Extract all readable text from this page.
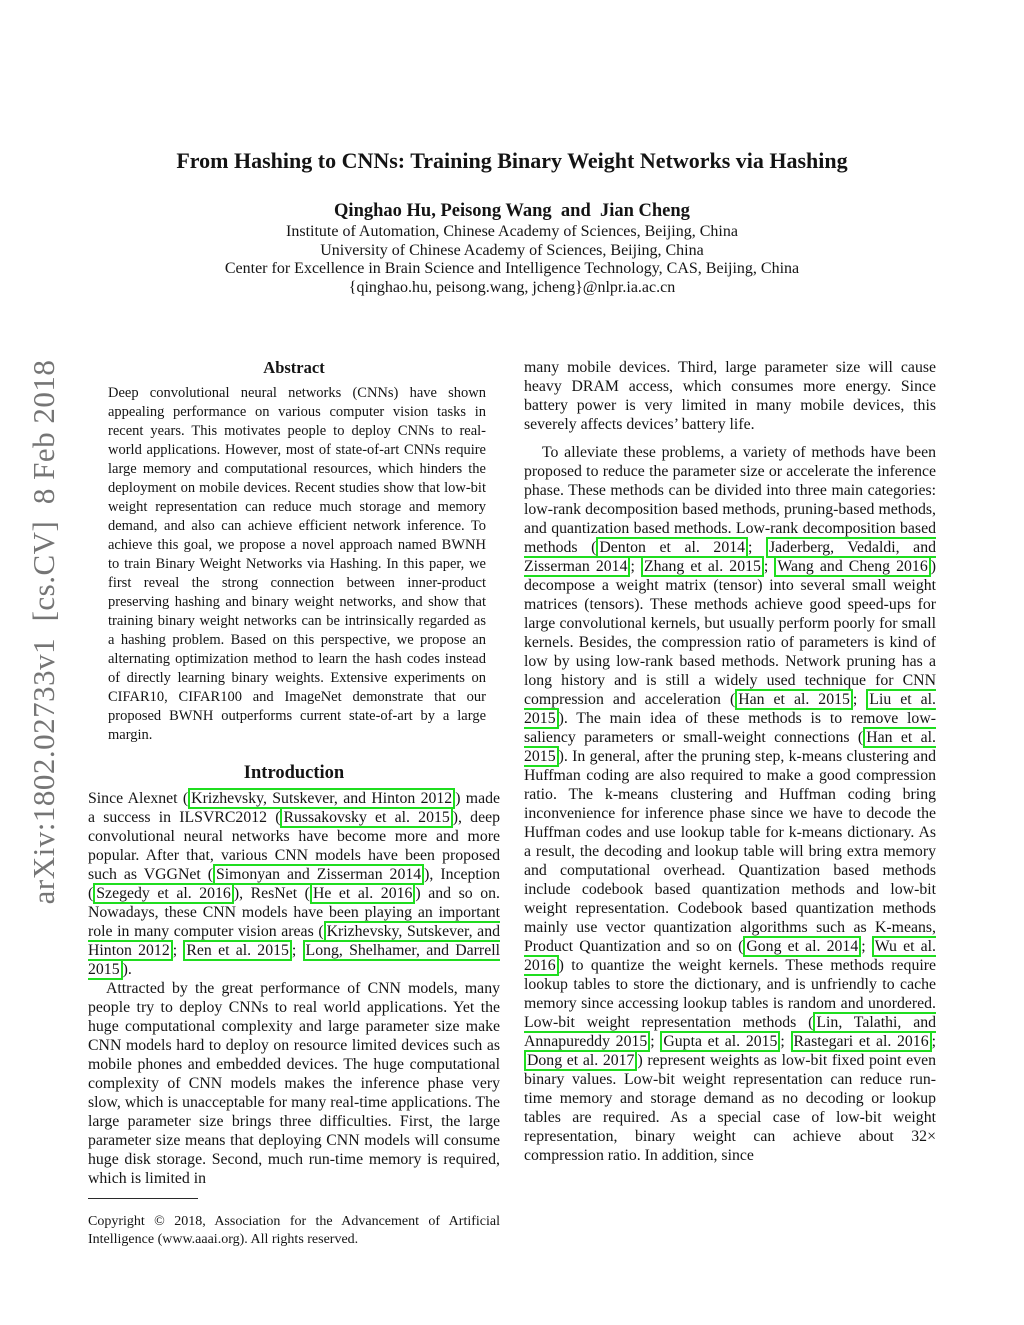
arXiv:1802.02733v1  [cs.CV]  8 Feb 2018
From Hashing to CNNs: Training Binary Weight Networks via Hashing
Qinghao Hu, Peisong Wang  and  Jian Cheng
Institute of Automation, Chinese Academy of Sciences, Beijing, China
University of Chinese Academy of Sciences, Beijing, China
Center for Excellence in Brain Science and Intelligence Technology, CAS, Beijing, China
{qinghao.hu, peisong.wang, jcheng}@nlpr.ia.ac.cn
Abstract

Deep convolutional neural networks (CNNs) have shown appealing performance on various computer vision tasks in recent years. This motivates people to deploy CNNs to real-world applications. However, most of state-of-art CNNs require large memory and computational resources, which hinders the deployment on mobile devices. Recent studies show that low-bit weight representation can reduce much storage and memory demand, and also can achieve efficient network inference. To achieve this goal, we propose a novel approach named BWNH to train Binary Weight Networks via Hashing. In this paper, we first reveal the strong connection between inner-product preserving hashing and binary weight networks, and show that training binary weight networks can be intrinsically regarded as a hashing problem. Based on this perspective, we propose an alternating optimization method to learn the hash codes instead of directly learning binary weights. Extensive experiments on CIFAR10, CIFAR100 and ImageNet demonstrate that our proposed BWNH outperforms current state-of-art by a large margin.

Introduction

Since Alexnet ( Krizhevsky, Sutskever, and Hinton 2012 ) made a success in ILSVRC2012 ( Russakovsky et al. 2015 ), deep convolutional neural networks have become more and more popular. After that, various CNN models have been proposed such as VGGNet ( Simonyan and Zisserman 2014 ), Inception ( Szegedy et al. 2016 ), ResNet ( He et al. 2016 ) and so on. Nowadays, these CNN models have been playing an important role in many computer vision areas ( Krizhevsky, Sutskever, and Hinton 2012 ; Ren et al. 2015 ; Long, Shelhamer, and Darrell 2015 ).

Attracted by the great performance of CNN models, many people try to deploy CNNs to real world applications. Yet the huge computational complexity and large parameter size make CNN models hard to deploy on resource limited devices such as mobile phones and embedded devices. The huge computational complexity of CNN models makes the inference phase very slow, which is unacceptable for many real-time applications. The large parameter size brings three difficulties. First, the large parameter size means that deploying CNN models will consume huge disk storage. Second, much run-time memory is required, which is limited in

Copyright © 2018, Association for the Advancement of Artificial Intelligence (www.aaai.org). All rights reserved.

many mobile devices. Third, large parameter size will cause heavy DRAM access, which consumes more energy. Since battery power is very limited in many mobile devices, this severely affects devices’ battery life.

To alleviate these problems, a variety of methods have been proposed to reduce the parameter size or accelerate the inference phase. These methods can be divided into three main categories: low-rank decomposition based methods, pruning-based methods, and quantization based methods. Low-rank decomposition based methods ( Denton et al. 2014 ; Jaderberg, Vedaldi, and Zisserman 2014 ; Zhang et al. 2015 ; Wang and Cheng 2016 ) decompose a weight matrix (tensor) into several small weight matrices (tensors). These methods achieve good speed-ups for large convolutional kernels, but usually perform poorly for small kernels. Besides, the compression ratio of parameters is kind of low by using low-rank based methods. Network pruning has a long history and is still a widely used technique for CNN compression and acceleration ( Han et al. 2015 ; Liu et al. 2015 ). The main idea of these methods is to remove low-saliency parameters or small-weight connections ( Han et al. 2015 ). In general, after the pruning step, k-means clustering and Huffman coding are also required to make a good compression ratio. The k-means clustering and Huffman coding bring inconvenience for inference phase since we have to decode the Huffman codes and use lookup table for k-means dictionary. As a result, the decoding and lookup table will bring extra memory and computational overhead. Quantization based methods include codebook based quantization methods and low-bit weight representation. Codebook based quantization methods mainly use vector quantization algorithms such as K-means, Product Quantization and so on ( Gong et al. 2014 ; Wu et al. 2016 ) to quantize the weight kernels. These methods require lookup tables to store the dictionary, and is unfriendly to cache memory since accessing lookup tables is random and unordered. Low-bit weight representation methods ( Lin, Talathi, and Annapureddy 2015 ; Gupta et al. 2015 ; Rastegari et al. 2016 ; Dong et al. 2017 ) represent weights as low-bit fixed point even binary values. Low-bit weight representation can reduce run-time memory and storage demand as no decoding or lookup tables are required. As a special case of low-bit weight representation, binary weight can achieve about 32× compression ratio. In addition, since
